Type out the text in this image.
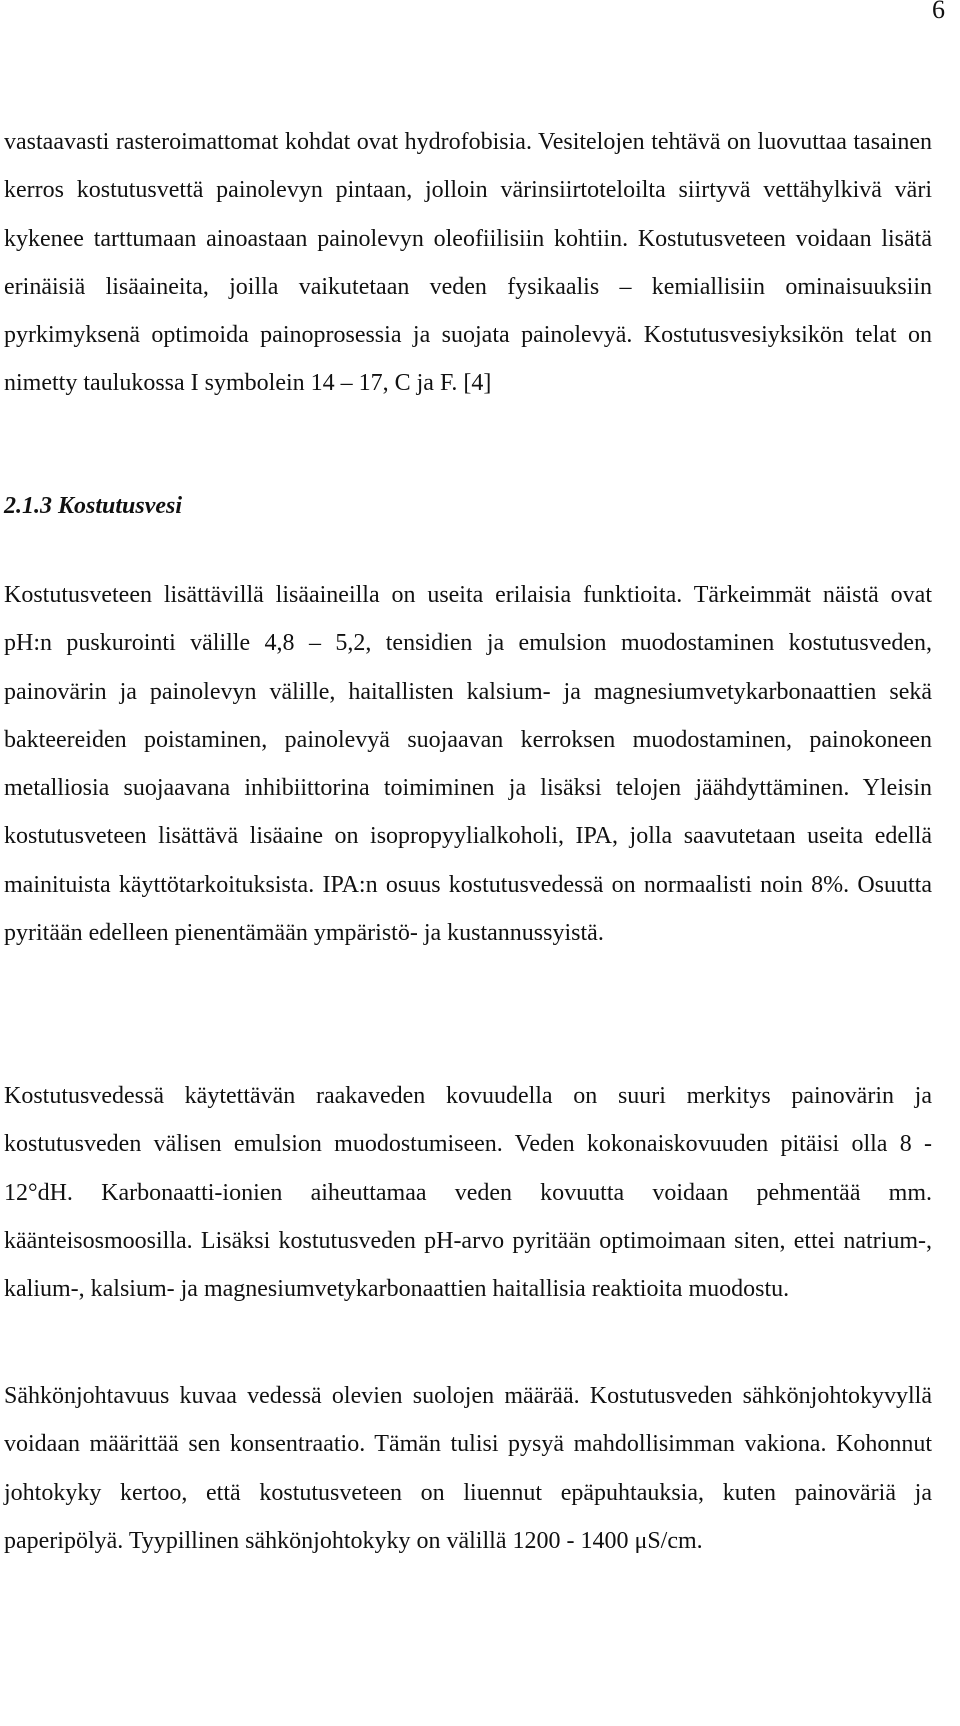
6

vastaavasti rasteroimattomat kohdat ovat hydrofobisia. Vesitelojen tehtävä on luovuttaa tasainen kerros kostutusvettä painolevyn pintaan, jolloin värinsiirtoteloilta siirtyvä vettähylkivä väri kykenee tarttumaan ainoastaan painolevyn oleofiilisiin kohtiin. Kostutusveteen voidaan lisätä erinäisiä lisäaineita, joilla vaikutetaan veden fysikaalis – kemiallisiin ominaisuuksiin pyrkimyksenä optimoida painoprosessia ja suojata painolevyä. Kostutusvesiyksikön telat on nimetty taulukossa I symbolein 14 – 17, C ja F. [4]

2.1.3 Kostutusvesi

Kostutusveteen lisättävillä lisäaineilla on useita erilaisia funktioita. Tärkeimmät näistä ovat pH:n puskurointi välille 4,8 – 5,2, tensidien ja emulsion muodostaminen kostutusveden, painovärin ja painolevyn välille, haitallisten kalsium- ja magnesiumvetykarbonaattien sekä bakteereiden poistaminen, painolevyä suojaavan kerroksen muodostaminen, painokoneen metalliosia suojaavana inhibiittorina toimiminen ja lisäksi telojen jäähdyttäminen. Yleisin kostutusveteen lisättävä lisäaine on isopropyylialkoholi, IPA, jolla saavutetaan useita edellä mainituista käyttötarkoituksista. IPA:n osuus kostutusvedessä on normaalisti noin 8%. Osuutta pyritään edelleen pienentämään ympäristö- ja kustannussyistä.

Kostutusvedessä käytettävän raakaveden kovuudella on suuri merkitys painovärin ja kostutusveden välisen emulsion muodostumiseen. Veden kokonaiskovuuden pitäisi olla 8 - 12°dH. Karbonaatti-ionien aiheuttamaa veden kovuutta voidaan pehmentää mm. käänteisosmoosilla. Lisäksi kostutusveden pH-arvo pyritään optimoimaan siten, ettei natrium-, kalium-, kalsium- ja magnesiumvetykarbonaattien haitallisia reaktioita muodostu.

Sähkönjohtavuus kuvaa vedessä olevien suolojen määrää. Kostutusveden sähkönjohtokyvyllä voidaan määrittää sen konsentraatio. Tämän tulisi pysyä mahdollisimman vakiona. Kohonnut johtokyky kertoo, että kostutusveteen on liuennut epäpuhtauksia, kuten painoväriä ja paperipölyä. Tyypillinen sähkönjohtokyky on välillä 1200 - 1400 μS/cm.
